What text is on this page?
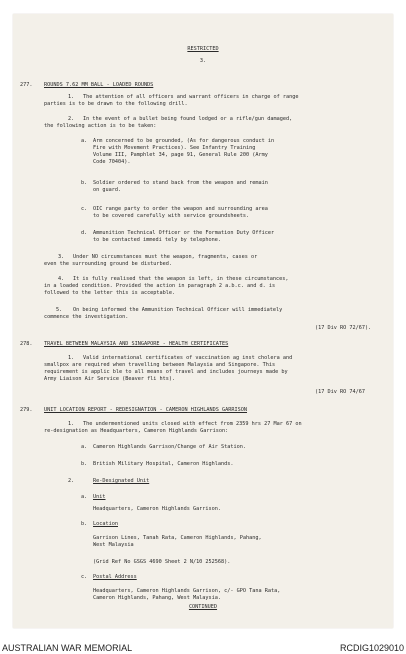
RESTRICTED
3.
277. ROUNDS 7.62 MM BALL - LOADED ROUNDS
1. The attention of all officers and warrant officers in charge of range
parties is to be drawn to the following drill.
2. In the event of a bullet being found lodged or a rifle/gun damaged,
the following action is to be taken:
a. Arm concerned to be grounded, (As for dangerous conduct in
Fire with Movement Practices). See Infantry Training
Volume III, Pamphlet 34, page 91, General Rule 200 (Army
Code 70404).
b. Soldier ordered to stand back from the weapon and remain
on guard.
c. OIC range party to order the weapon and surrounding area
to be covered carefully with service groundsheets.
d. Ammunition Technical Officer or the Formation Duty Officer
to be contacted immedi tely by telephone.
3. Under NO circumstances must the weapon, fragments, cases or
even the surrounding ground be disturbed.
4. It is fully realised that the weapon is left, in these circumstances,
in a loaded condition. Provided the action in paragraph 2 a.b.c. and d. is
followed to the letter this is acceptable.
5. On being informed the Ammunition Technical Officer will immediately
commence the investigation.
(17 Div RO 72/67).
278. TRAVEL BETWEEN MALAYSIA AND SINGAPORE - HEALTH CERTIFICATES
1. Valid international certificates of vaccination ag inst cholera and
smallpox are required when travelling between Malaysia and Singapore. This
requirement is applic ble to all means of travel and includes journeys made by
Army Liaison Air Service (Beaver fli hts).
(17 Div RO 74/67
279. UNIT LOCATION REPORT - REDESIGNATION - CAMERON HIGHLANDS GARRISON
1. The undermentioned units closed with effect from 2359 hrs 27 Mar 67 on
re-designation as Headquarters, Cameron Highlands Garrison:
a. Cameron Highlands Garrison/Change of Air Station.
b. British Military Hospital, Cameron Highlands.
2.	Re-Designated Unit
a. Unit
Headquarters, Cameron Highlands Garrison.
b. Location
Garrison Lines, Tanah Rata, Cameron Highlands, Pahang,
West Malaysia
(Grid Ref No GSGS 4690 Sheet 2 N/10 252568).
c. Postal Address
Headquarters, Cameron Highlands Garrison, c/- GPO Tana Rata,
Cameron Highlands, Pahang, West Malaysia.
CONTINUED
AUSTRALIAN WAR MEMORIAL	RCDIG1029010
